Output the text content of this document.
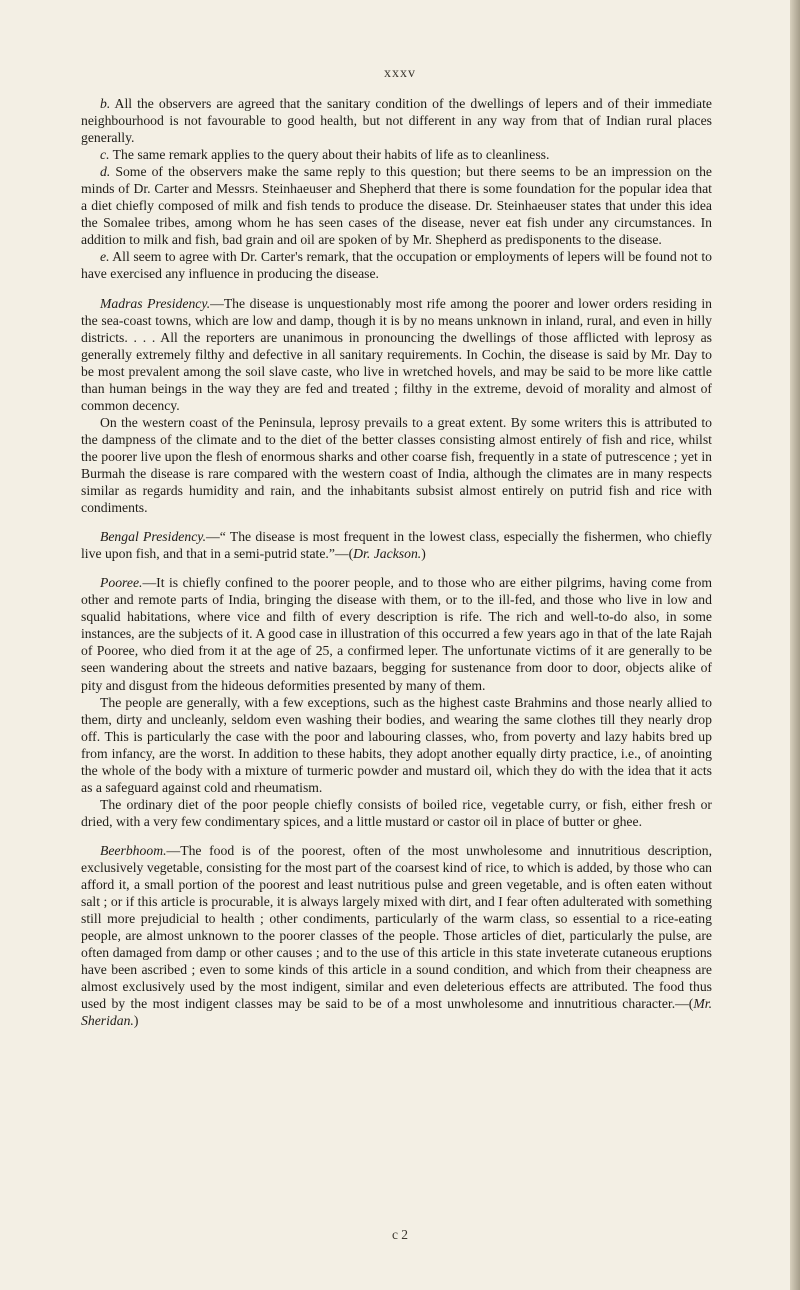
xxxv

b. All the observers are agreed that the sanitary condition of the dwellings of lepers and of their immediate neighbourhood is not favourable to good health, but not different in any way from that of Indian rural places generally.

c. The same remark applies to the query about their habits of life as to cleanliness.

d. Some of the observers make the same reply to this question; but there seems to be an impression on the minds of Dr. Carter and Messrs. Steinhaeuser and Shepherd that there is some foundation for the popular idea that a diet chiefly composed of milk and fish tends to produce the disease. Dr. Steinhaeuser states that under this idea the Somalee tribes, among whom he has seen cases of the disease, never eat fish under any circumstances. In addition to milk and fish, bad grain and oil are spoken of by Mr. Shepherd as predisponents to the disease.

e. All seem to agree with Dr. Carter's remark, that the occupation or employments of lepers will be found not to have exercised any influence in producing the disease.

Madras Presidency.—The disease is unquestionably most rife among the poorer and lower orders residing in the sea-coast towns, which are low and damp, though it is by no means unknown in inland, rural, and even in hilly districts. . . . All the reporters are unanimous in pronouncing the dwellings of those afflicted with leprosy as generally extremely filthy and defective in all sanitary requirements. In Cochin, the disease is said by Mr. Day to be most prevalent among the soil slave caste, who live in wretched hovels, and may be said to be more like cattle than human beings in the way they are fed and treated ; filthy in the extreme, devoid of morality and almost of common decency.

On the western coast of the Peninsula, leprosy prevails to a great extent. By some writers this is attributed to the dampness of the climate and to the diet of the better classes consisting almost entirely of fish and rice, whilst the poorer live upon the flesh of enormous sharks and other coarse fish, frequently in a state of putrescence ; yet in Burmah the disease is rare compared with the western coast of India, although the climates are in many respects similar as regards humidity and rain, and the inhabitants subsist almost entirely on putrid fish and rice with condiments.

Bengal Presidency.—“ The disease is most frequent in the lowest class, especially the fishermen, who chiefly live upon fish, and that in a semi-putrid state.”—(Dr. Jackson.)

Pooree.—It is chiefly confined to the poorer people, and to those who are either pilgrims, having come from other and remote parts of India, bringing the disease with them, or to the ill-fed, and those who live in low and squalid habitations, where vice and filth of every description is rife. The rich and well-to-do also, in some instances, are the subjects of it. A good case in illustration of this occurred a few years ago in that of the late Rajah of Pooree, who died from it at the age of 25, a confirmed leper. The unfortunate victims of it are generally to be seen wandering about the streets and native bazaars, begging for sustenance from door to door, objects alike of pity and disgust from the hideous deformities presented by many of them.

The people are generally, with a few exceptions, such as the highest caste Brahmins and those nearly allied to them, dirty and uncleanly, seldom even washing their bodies, and wearing the same clothes till they nearly drop off. This is particularly the case with the poor and labouring classes, who, from poverty and lazy habits bred up from infancy, are the worst. In addition to these habits, they adopt another equally dirty practice, i.e., of anointing the whole of the body with a mixture of turmeric powder and mustard oil, which they do with the idea that it acts as a safeguard against cold and rheumatism.

The ordinary diet of the poor people chiefly consists of boiled rice, vegetable curry, or fish, either fresh or dried, with a very few condimentary spices, and a little mustard or castor oil in place of butter or ghee.

Beerbhoom.—The food is of the poorest, often of the most unwholesome and innutritious description, exclusively vegetable, consisting for the most part of the coarsest kind of rice, to which is added, by those who can afford it, a small portion of the poorest and least nutritious pulse and green vegetable, and is often eaten without salt ; or if this article is procurable, it is always largely mixed with dirt, and I fear often adulterated with something still more prejudicial to health ; other condiments, particularly of the warm class, so essential to a rice-eating people, are almost unknown to the poorer classes of the people. Those articles of diet, particularly the pulse, are often damaged from damp or other causes ; and to the use of this article in this state inveterate cutaneous eruptions have been ascribed ; even to some kinds of this article in a sound condition, and which from their cheapness are almost exclusively used by the most indigent, similar and even deleterious effects are attributed. The food thus used by the most indigent classes may be said to be of a most unwholesome and innutritious character.—(Mr. Sheridan.)

c 2
